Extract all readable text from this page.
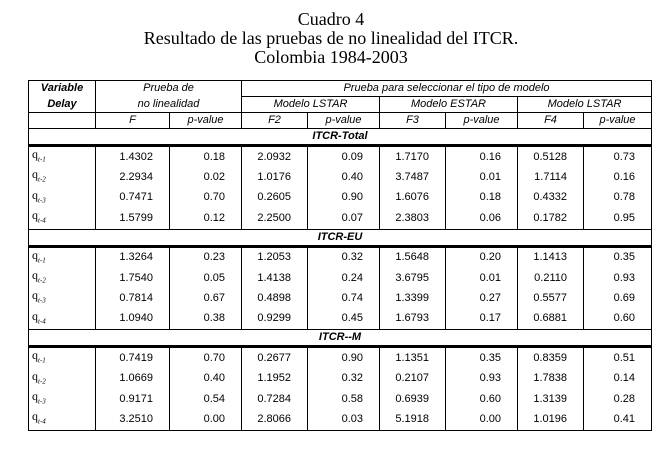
Cuadro 4
Resultado de las pruebas de no linealidad del ITCR.
Colombia 1984-2003
Variable	Prueba de		Prueba para seleccionar el tipo de modelo					
Delay	no linealidad		Modelo LSTAR		Modelo ESTAR		Modelo LSTAR	
	F	p-value	F2	p-value	F3	p-value	F4	p-value
ITCR-Total								
$q_{t-1}$	1.4302	0.18	2.0932	0.09	1.7170	0.16	0.5128	0.73
$q_{t-2}$	2.2934	0.02	1.0176	0.40	3.7487	0.01	1.7114	0.16
$q_{t-3}$	0.7471	0.70	0.2605	0.90	1.6076	0.18	0.4332	0.78
$q_{t-4}$	1.5799	0.12	2.2500	0.07	2.3803	0.06	0.1782	0.95
ITCR-EU								
$q_{t-1}$	1.3264	0.23	1.2053	0.32	1.5648	0.20	1.1413	0.35
$q_{t-2}$	1.7540	0.05	1.4138	0.24	3.6795	0.01	0.2110	0.93
$q_{t-3}$	0.7814	0.67	0.4898	0.74	1.3399	0.27	0.5577	0.69
$q_{t-4}$	1.0940	0.38	0.9299	0.45	1.6793	0.17	0.6881	0.60
ITCR--M								
$q_{t-1}$	0.7419	0.70	0.2677	0.90	1.1351	0.35	0.8359	0.51
$q_{t-2}$	1.0669	0.40	1.1952	0.32	0.2107	0.93	1.7838	0.14
$q_{t-3}$	0.9171	0.54	0.7284	0.58	0.6939	0.60	1.3139	0.28
$q_{t-4}$	3.2510	0.00	2.8066	0.03	5.1918	0.00	1.0196	0.41
